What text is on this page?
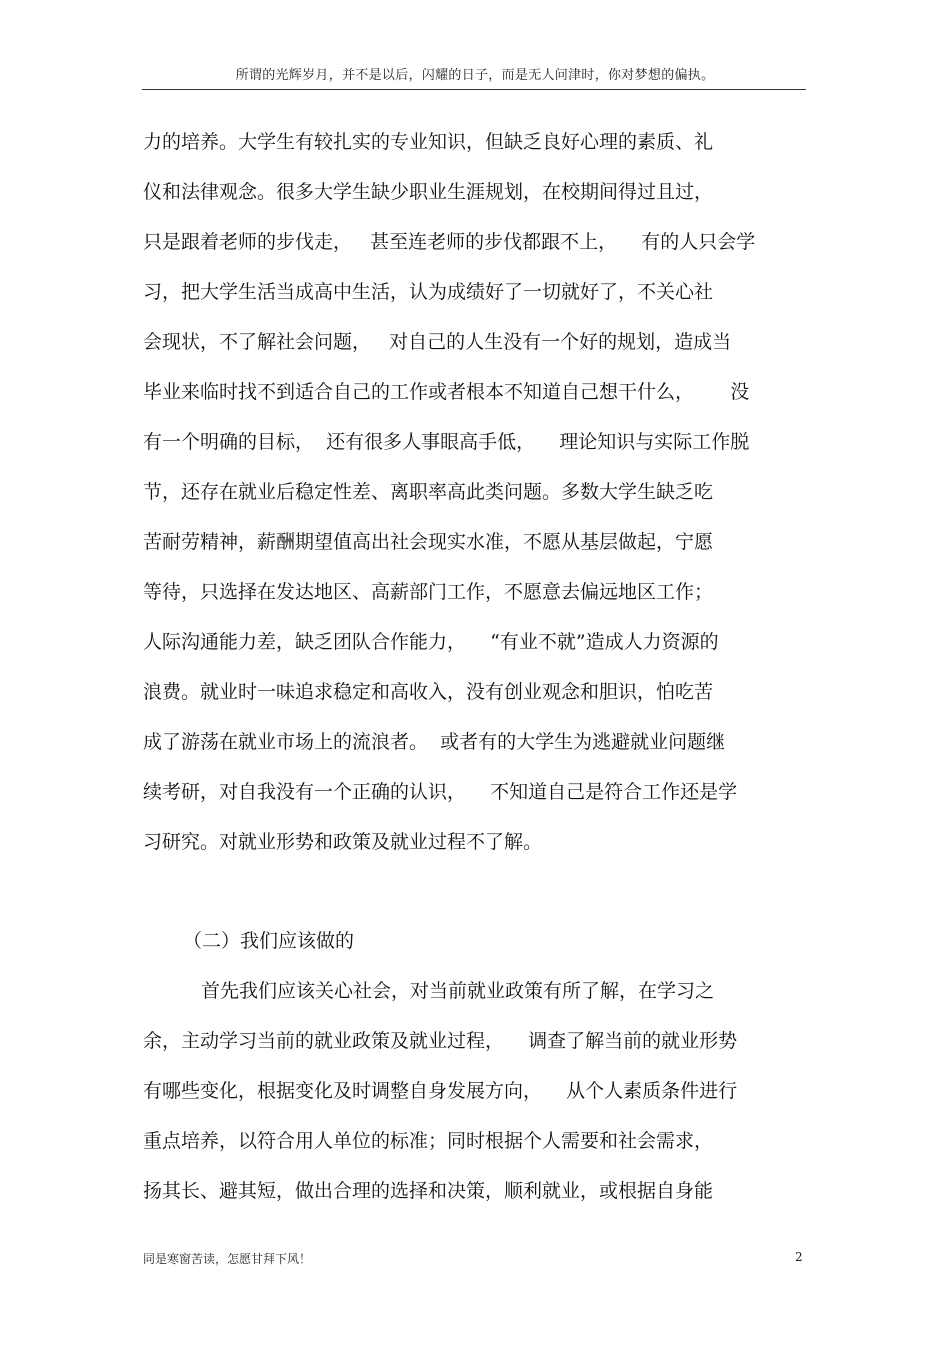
所谓的光辉岁月，并不是以后，闪耀的日子，而是无人问津时，你对梦想的偏执。
力的培养。大学生有较扎实的专业知识，但缺乏良好心理的素质、礼
仪和法律观念。很多大学生缺少职业生涯规划，在校期间得过且过，
只是跟着老师的步伐走，   甚至连老师的步伐都跟不上，    有的人只会学
习，把大学生活当成高中生活，认为成绩好了一切就好了，不关心社
会现状，不了解社会问题，   对自己的人生没有一个好的规划，造成当
毕业来临时找不到适合自己的工作或者根本不知道自己想干什么，      没
有一个明确的目标，  还有很多人事眼高手低，    理论知识与实际工作脱
节，还存在就业后稳定性差、离职率高此类问题。多数大学生缺乏吃
苦耐劳精神，薪酬期望值高出社会现实水准，不愿从基层做起，宁愿
等待，只选择在发达地区、高薪部门工作，不愿意去偏远地区工作；
人际沟通能力差，缺乏团队合作能力，    “有业不就”造成人力资源的
浪费。就业时一味追求稳定和高收入，没有创业观念和胆识，怕吃苦
成了游荡在就业市场上的流浪者。  或者有的大学生为逃避就业问题继
续考研，对自我没有一个正确的认识，    不知道自己是符合工作还是学
习研究。对就业形势和政策及就业过程不了解。
（二）我们应该做的
首先我们应该关心社会，对当前就业政策有所了解，在学习之
余，主动学习当前的就业政策及就业过程，    调查了解当前的就业形势
有哪些变化，根据变化及时调整自身发展方向，    从个人素质条件进行
重点培养，以符合用人单位的标准；同时根据个人需要和社会需求，
扬其长、避其短，做出合理的选择和决策，顺利就业，或根据自身能
同是寒窗苦读，怎愿甘拜下风！	2
